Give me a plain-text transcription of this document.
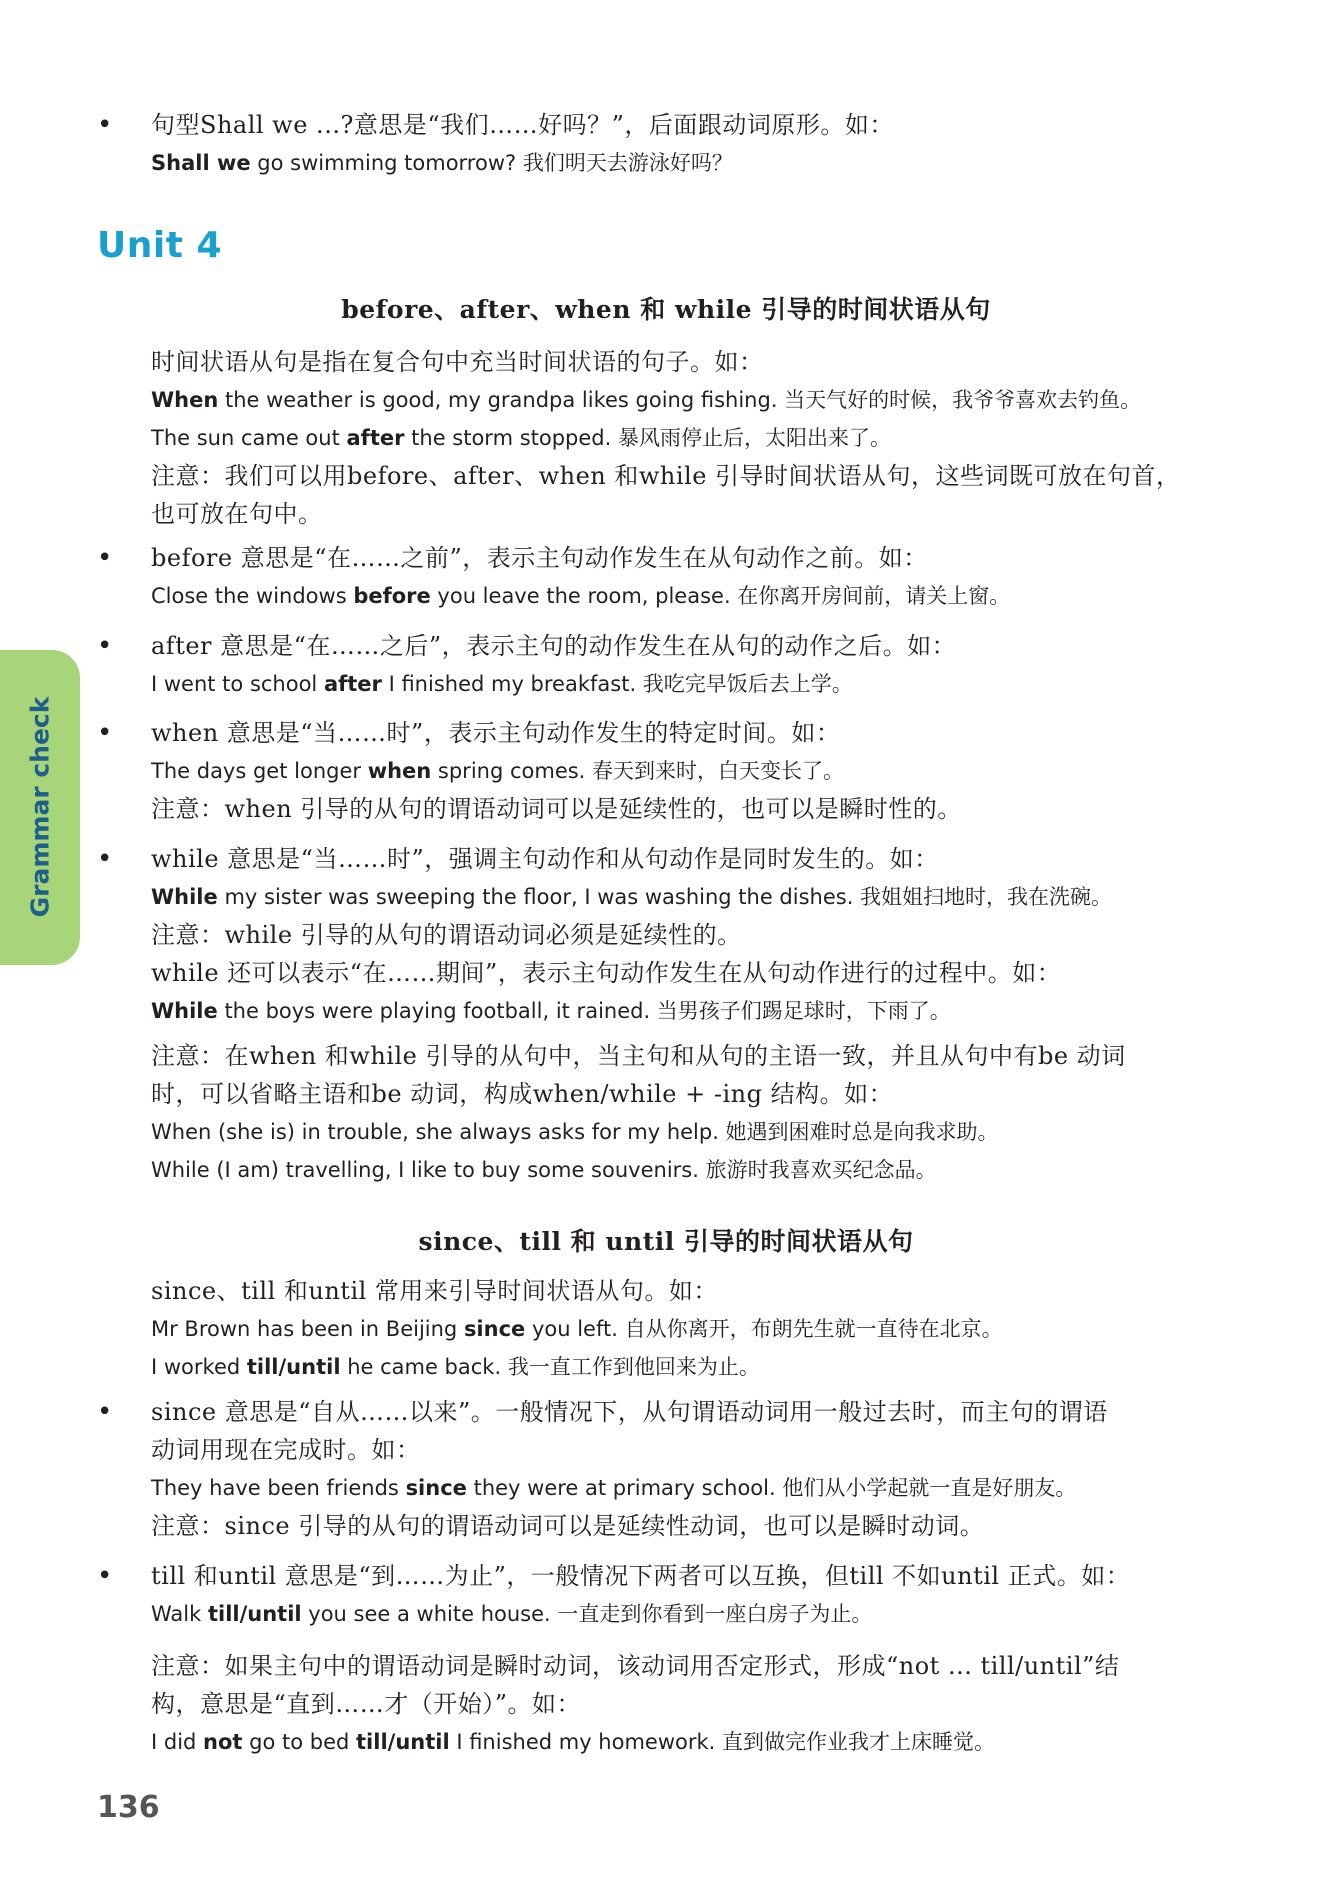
• 句型Shall we ...?意思是“我们……好吗？”，后面跟动词原形。如：
Shall we go swimming tomorrow? 我们明天去游泳好吗？
Unit 4
before、after、when 和 while 引导的时间状语从句
时间状语从句是指在复合句中充当时间状语的句子。如：
When the weather is good, my grandpa likes going fishing. 当天气好的时候，我爷爷喜欢去钓鱼。
The sun came out after the storm stopped. 暴风雨停止后，太阳出来了。
注意：我们可以用before、after、when 和while 引导时间状语从句，这些词既可放在句首，
也可放在句中。
• before 意思是“在……之前”，表示主句动作发生在从句动作之前。如：
Close the windows before you leave the room, please. 在你离开房间前，请关上窗。
• after 意思是“在……之后”，表示主句的动作发生在从句的动作之后。如：
I went to school after I finished my breakfast. 我吃完早饭后去上学。
• when 意思是“当……时”，表示主句动作发生的特定时间。如：
The days get longer when spring comes. 春天到来时，白天变长了。
注意：when 引导的从句的谓语动词可以是延续性的，也可以是瞬时性的。
• while 意思是“当……时”，强调主句动作和从句动作是同时发生的。如：
While my sister was sweeping the floor, I was washing the dishes. 我姐姐扫地时，我在洗碗。
注意：while 引导的从句的谓语动词必须是延续性的。
while 还可以表示“在……期间”，表示主句动作发生在从句动作进行的过程中。如：
While the boys were playing football, it rained. 当男孩子们踢足球时，下雨了。
注意：在when 和while 引导的从句中，当主句和从句的主语一致，并且从句中有be 动词
时，可以省略主语和be 动词，构成when/while + -ing 结构。如：
When (she is) in trouble, she always asks for my help. 她遇到困难时总是向我求助。
While (I am) travelling, I like to buy some souvenirs. 旅游时我喜欢买纪念品。
since、till 和 until 引导的时间状语从句
since、till 和until 常用来引导时间状语从句。如：
Mr Brown has been in Beijing since you left. 自从你离开，布朗先生就一直待在北京。
I worked till/until he came back. 我一直工作到他回来为止。
• since 意思是“自从……以来”。一般情况下，从句谓语动词用一般过去时，而主句的谓语
动词用现在完成时。如：
They have been friends since they were at primary school. 他们从小学起就一直是好朋友。
注意：since 引导的从句的谓语动词可以是延续性动词，也可以是瞬时动词。
• till 和until 意思是“到……为止”，一般情况下两者可以互换，但till 不如until 正式。如：
Walk till/until you see a white house. 一直走到你看到一座白房子为止。
注意：如果主句中的谓语动词是瞬时动词，该动词用否定形式，形成“not ... till/until”结
构，意思是“直到……才（开始）”。如：
I did not go to bed till/until I finished my homework. 直到做完作业我才上床睡觉。
Grammar check
136
